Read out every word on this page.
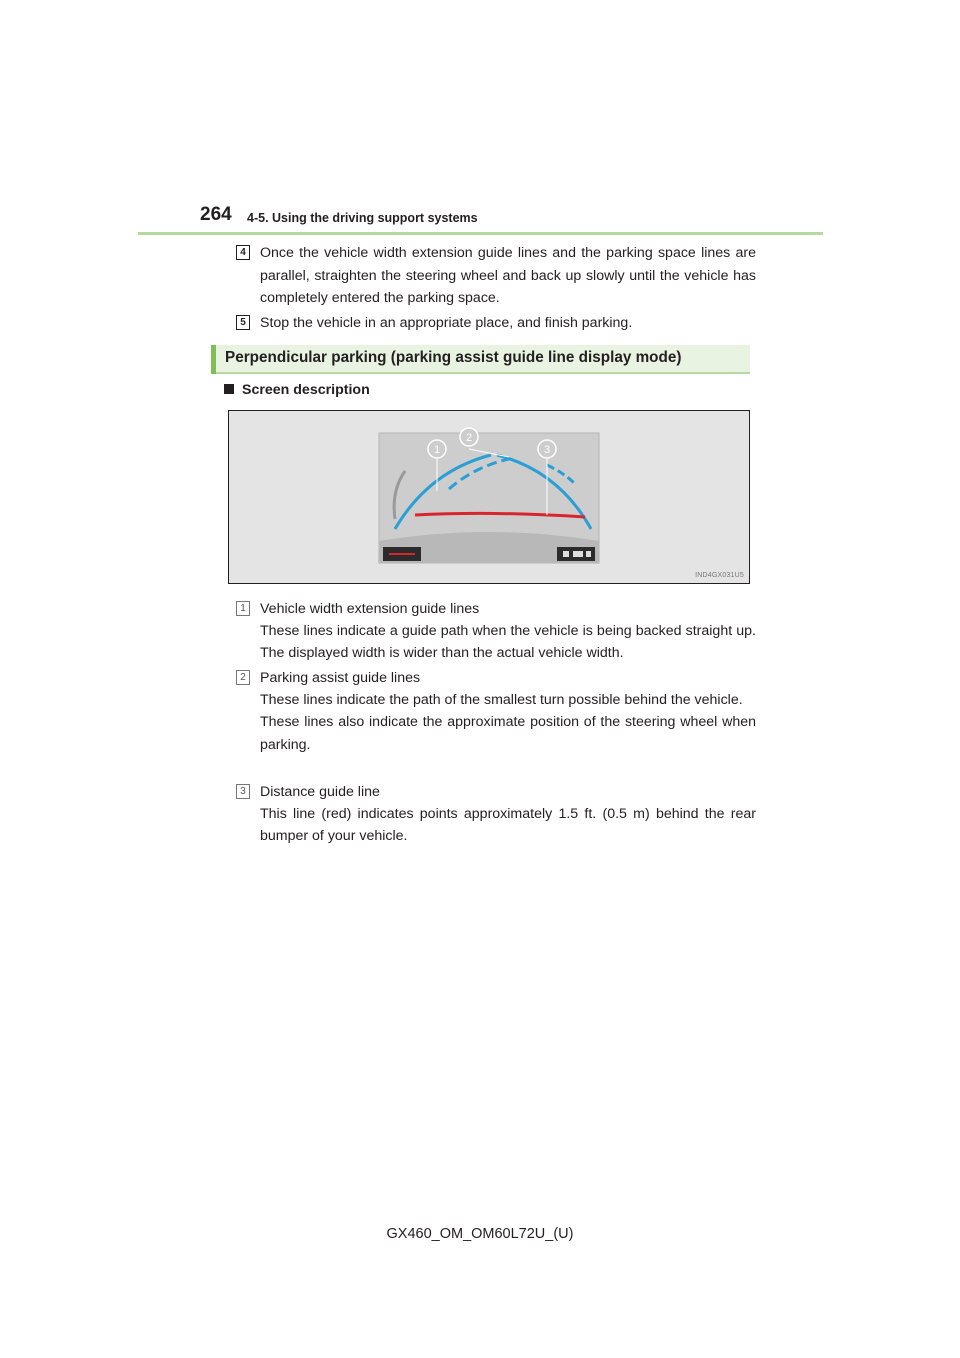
264 4-5. Using the driving support systems
4 Once the vehicle width extension guide lines and the parking space lines are parallel, straighten the steering wheel and back up slowly until the vehicle has completely entered the parking space.
5 Stop the vehicle in an appropriate place, and finish parking.
Perpendicular parking (parking assist guide line display mode)
Screen description
1
2
3
IND4GX031U5
1 Vehicle width extension guide lines
These lines indicate a guide path when the vehicle is being backed straight up. The displayed width is wider than the actual vehicle width.
2 Parking assist guide lines
These lines indicate the path of the smallest turn possible behind the vehicle.
These lines also indicate the approximate position of the steering wheel when parking.
3 Distance guide line
This line (red) indicates points approximately 1.5 ft. (0.5 m) behind the rear bumper of your vehicle.
GX460_OM_OM60L72U_(U)
